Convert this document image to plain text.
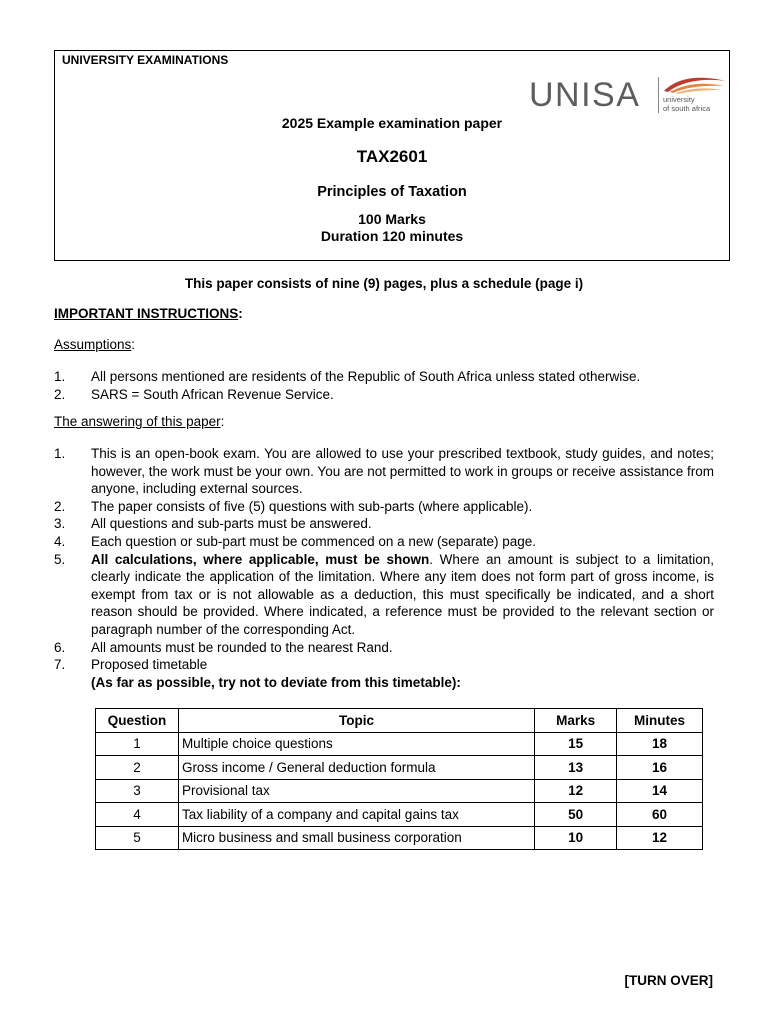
UNIVERSITY EXAMINATIONS
UNISA	university
of south africa
2025 Example examination paper
TAX2601
Principles of Taxation
100 Marks
Duration 120 minutes
This paper consists of nine (9) pages, plus a schedule (page i)
IMPORTANT INSTRUCTIONS:
Assumptions:
1. All persons mentioned are residents of the Republic of South Africa unless stated otherwise.
2. SARS = South African Revenue Service.
The answering of this paper:
1. This is an open-book exam. You are allowed to use your prescribed textbook, study guides, and notes; however, the work must be your own. You are not permitted to work in groups or receive assistance from anyone, including external sources.
2. The paper consists of five (5) questions with sub-parts (where applicable).
3. All questions and sub-parts must be answered.
4. Each question or sub-part must be commenced on a new (separate) page.
5. All calculations, where applicable, must be shown. Where an amount is subject to a limitation, clearly indicate the application of the limitation. Where any item does not form part of gross income, is exempt from tax or is not allowable as a deduction, this must specifically be indicated, and a short reason should be provided. Where indicated, a reference must be provided to the relevant section or paragraph number of the corresponding Act.
6. All amounts must be rounded to the nearest Rand.
7. Proposed timetable
(As far as possible, try not to deviate from this timetable):
Question	Topic	Marks	Minutes
1	Multiple choice questions	15	18
2	Gross income / General deduction formula	13	16
3	Provisional tax	12	14
4	Tax liability of a company and capital gains tax	50	60
5	Micro business and small business corporation	10	12
[TURN OVER]
